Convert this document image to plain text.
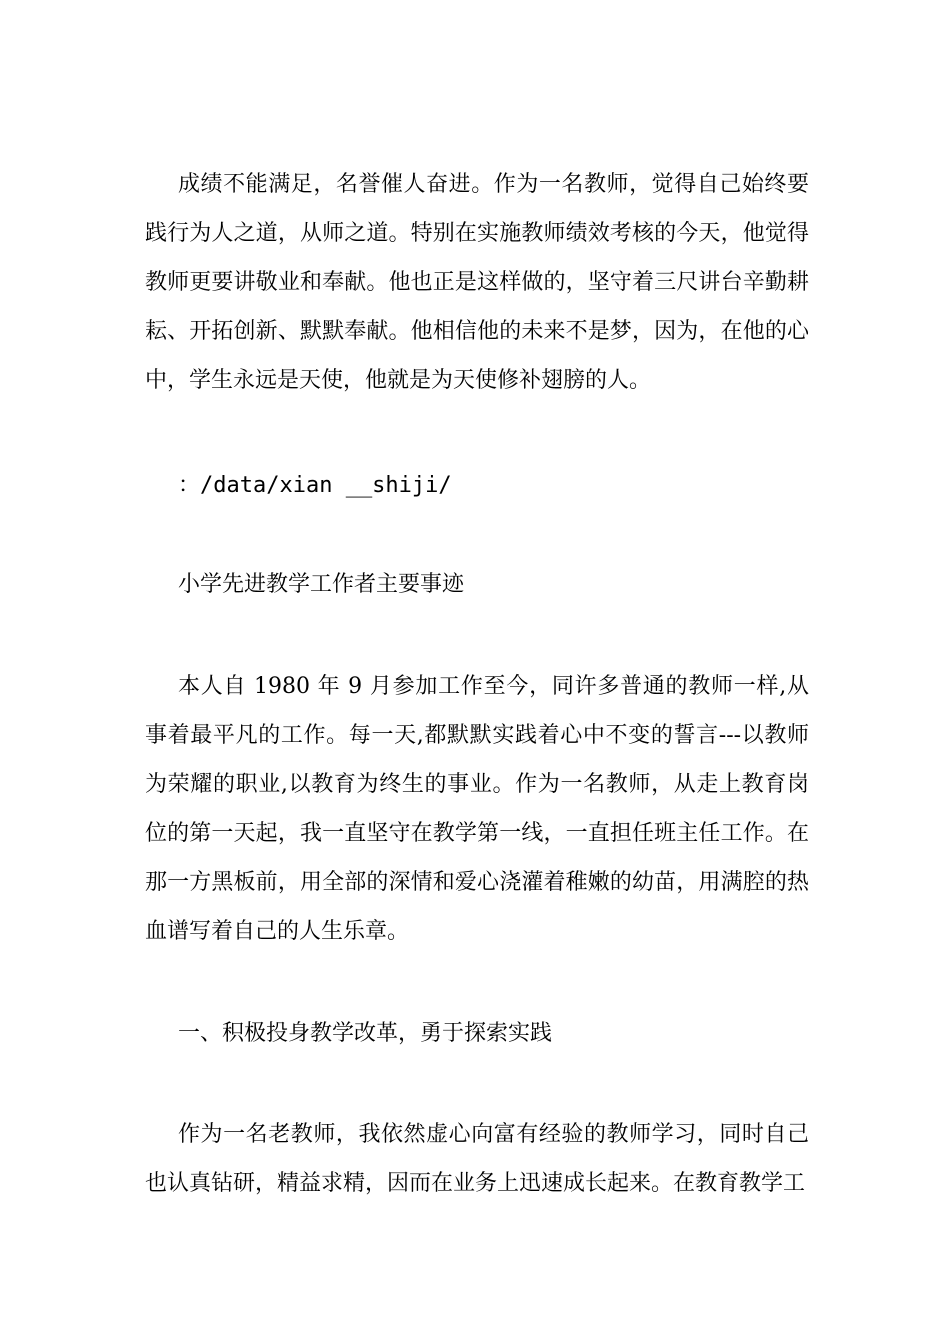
成绩不能满足，名誉催人奋进。作为一名教师，觉得自己始终要践行为人之道，从师之道。特别在实施教师绩效考核的今天，他觉得教师更要讲敬业和奉献。他也正是这样做的，坚守着三尺讲台辛勤耕耘、开拓创新、默默奉献。他相信他的未来不是梦，因为，在他的心中，学生永远是天使，他就是为天使修补翅膀的人。

：/data/xian __shiji/

小学先进教学工作者主要事迹

本人自 1980 年 9 月参加工作至今，同许多普通的教师一样,从事着最平凡的工作。每一天,都默默实践着心中不变的誓言---以教师为荣耀的职业,以教育为终生的事业。作为一名教师，从走上教育岗位的第一天起，我一直坚守在教学第一线，一直担任班主任工作。在那一方黑板前，用全部的深情和爱心浇灌着稚嫩的幼苗，用满腔的热血谱写着自己的人生乐章。

一、积极投身教学改革，勇于探索实践

作为一名老教师，我依然虚心向富有经验的教师学习，同时自己也认真钻研，精益求精，因而在业务上迅速成长起来。在教育教学工
